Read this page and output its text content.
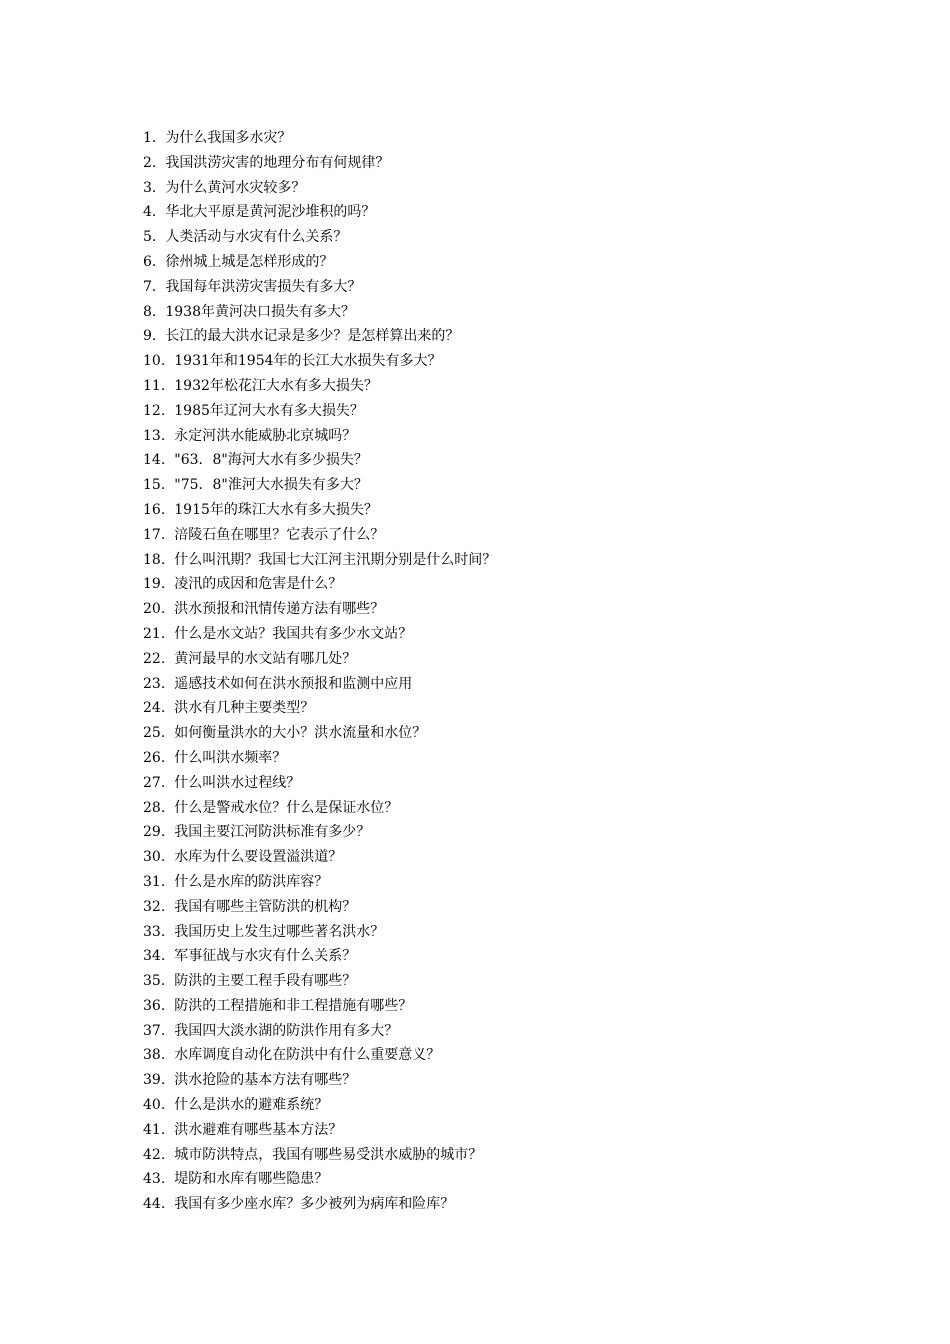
1. 为什么我国多水灾？
2. 我国洪涝灾害的地理分布有何规律？
3. 为什么黄河水灾较多？
4. 华北大平原是黄河泥沙堆积的吗？
5. 人类活动与水灾有什么关系？
6. 徐州城上城是怎样形成的？
7. 我国每年洪涝灾害损失有多大？
8. 1938年黄河决口损失有多大？
9. 长江的最大洪水记录是多少？是怎样算出来的？
10. 1931年和1954年的长江大水损失有多大？
11. 1932年松花江大水有多大损失？
12. 1985年辽河大水有多大损失？
13. 永定河洪水能威胁北京城吗？
14. "63．8"海河大水有多少损失？
15. "75．8"淮河大水损失有多大？
16. 1915年的珠江大水有多大损失？
17. 涪陵石鱼在哪里？它表示了什么？
18. 什么叫汛期？我国七大江河主汛期分别是什么时间？
19. 凌汛的成因和危害是什么？
20. 洪水预报和汛情传递方法有哪些？
21. 什么是水文站？我国共有多少水文站？
22. 黄河最早的水文站有哪几处？
23. 遥感技术如何在洪水预报和监测中应用
24. 洪水有几种主要类型？
25. 如何衡量洪水的大小？洪水流量和水位？
26. 什么叫洪水频率？
27. 什么叫洪水过程线？
28. 什么是警戒水位？什么是保证水位？
29. 我国主要江河防洪标准有多少？
30. 水库为什么要设置溢洪道？
31. 什么是水库的防洪库容？
32. 我国有哪些主管防洪的机构？
33. 我国历史上发生过哪些著名洪水？
34. 军事征战与水灾有什么关系？
35. 防洪的主要工程手段有哪些？
36. 防洪的工程措施和非工程措施有哪些？
37. 我国四大淡水湖的防洪作用有多大？
38. 水库调度自动化在防洪中有什么重要意义？
39. 洪水抢险的基本方法有哪些？
40. 什么是洪水的避难系统？
41. 洪水避难有哪些基本方法？
42. 城市防洪特点，我国有哪些易受洪水威胁的城市？
43. 堤防和水库有哪些隐患？
44. 我国有多少座水库？多少被列为病库和险库？
